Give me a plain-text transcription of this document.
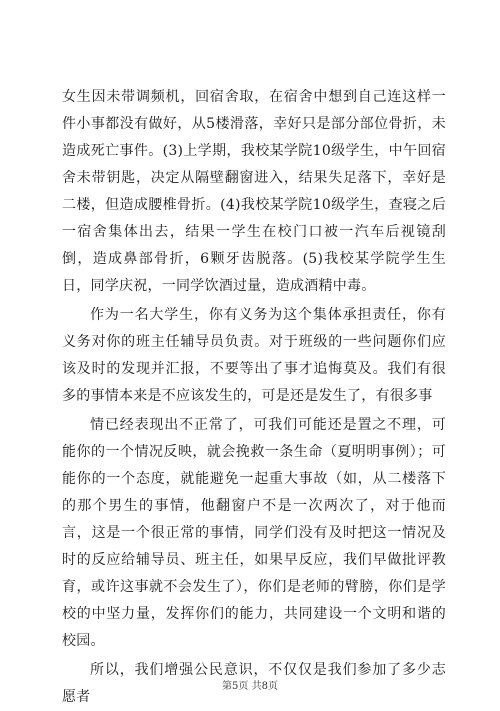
女生因未带调频机，回宿舍取，在宿舍中想到自己连这样一件小事都没有做好，从5楼滑落，幸好只是部分部位骨折，未造成死亡事件。(3)上学期，我校某学院10级学生，中午回宿舍未带钥匙，决定从隔壁翻窗进入，结果失足落下，幸好是二楼，但造成腰椎骨折。(4)我校某学院10级学生，查寝之后一宿舍集体出去，结果一学生在校门口被一汽车后视镜刮倒，造成鼻部骨折，6颗牙齿脱落。(5)我校某学院学生生日，同学庆祝，一同学饮酒过量，造成酒精中毒。

作为一名大学生，你有义务为这个集体承担责任，你有义务对你的班主任辅导员负责。对于班级的一些问题你们应该及时的发现并汇报，不要等出了事才追悔莫及。我们有很多的事情本来是不应该发生的，可是还是发生了，有很多事

情已经表现出不正常了，可我们可能还是置之不理，可能你的一个情况反映，就会挽救一条生命（夏明明事例）；可能你的一个态度，就能避免一起重大事故（如，从二楼落下的那个男生的事情，他翻窗户不是一次两次了，对于他而言，这是一个很正常的事情，同学们没有及时把这一情况及时的反应给辅导员、班主任，如果早反应，我们早做批评教育，或许这事就不会发生了），你们是老师的臂膀，你们是学校的中坚力量，发挥你们的能力，共同建设一个文明和谐的校园。

所以，我们增强公民意识，不仅仅是我们参加了多少志愿者

第5页 共8页
